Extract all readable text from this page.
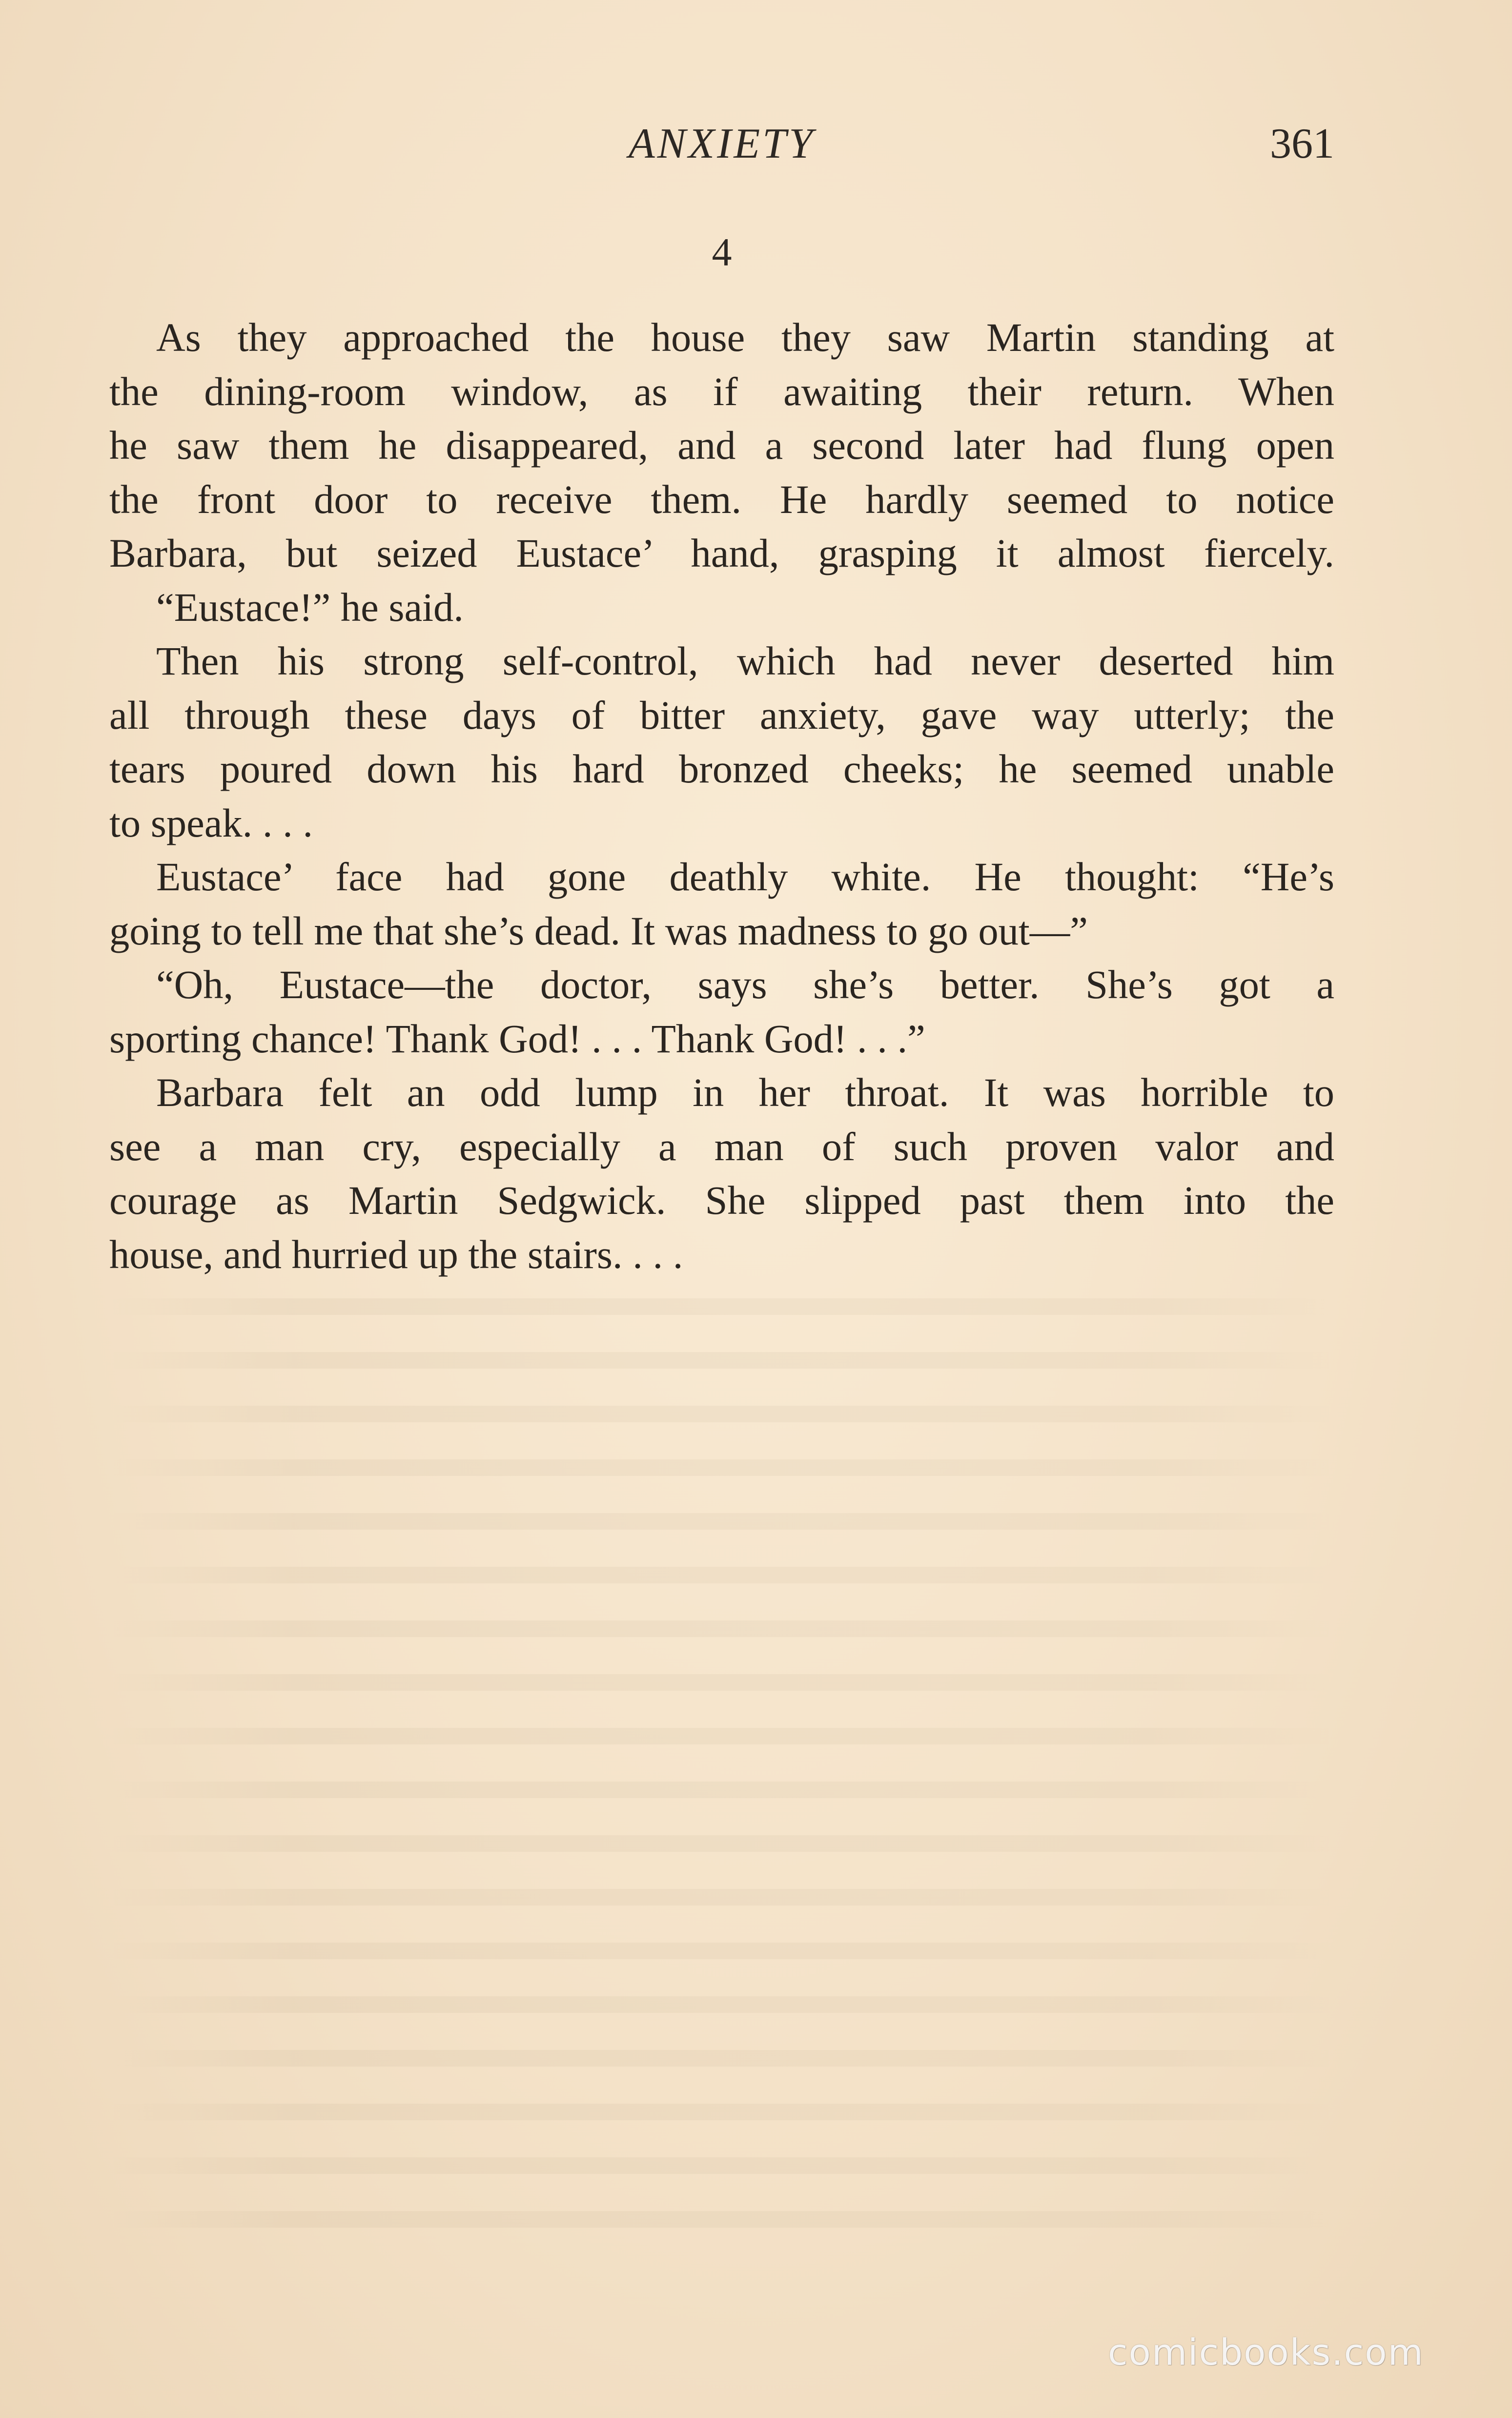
ANXIETY	361
4
As they approached the house they saw Martin standing at
the dining-room window, as if awaiting their return. When
he saw them he disappeared, and a second later had flung open
the front door to receive them. He hardly seemed to notice
Barbara, but seized Eustace’ hand, grasping it almost fiercely.
“Eustace!” he said.
Then his strong self-control, which had never deserted him
all through these days of bitter anxiety, gave way utterly; the
tears poured down his hard bronzed cheeks; he seemed unable
to speak. . . .
Eustace’ face had gone deathly white. He thought: “He’s
going to tell me that she’s dead. It was madness to go out—”
“Oh, Eustace—the doctor, says she’s better. She’s got a
sporting chance! Thank God! . . . Thank God! . . .”
Barbara felt an odd lump in her throat. It was horrible to
see a man cry, especially a man of such proven valor and
courage as Martin Sedgwick. She slipped past them into the
house, and hurried up the stairs. . . .
comicbooks.com
